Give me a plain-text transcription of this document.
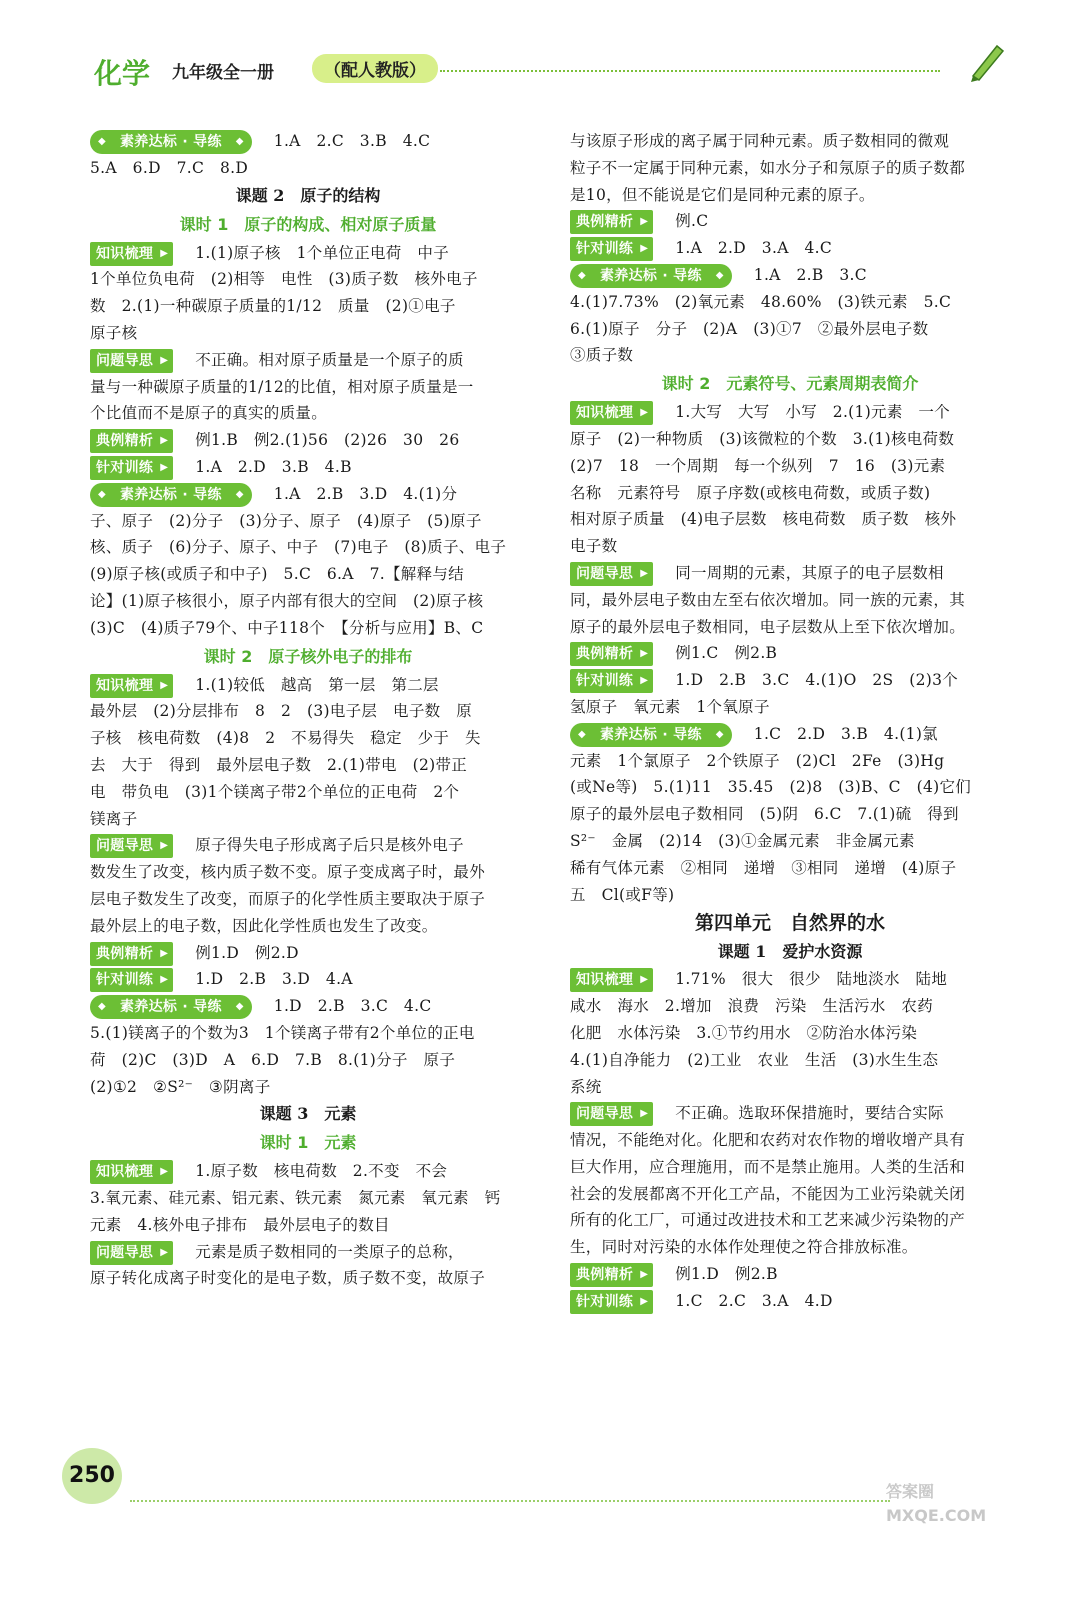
化学 九年级全一册	（配人教版）
◆ 素养达标 · 导练 ◆	1.A　2.C　3.B　4.C
5.A　6.D　7.C　8.D
课题 2　原子的结构
课时 1　原子的构成、相对原子质量
知识梳理 ▶	1.(1)原子核　1个单位正电荷　中子
1个单位负电荷　(2)相等　电性　(3)质子数　核外电子
数　2.(1)一种碳原子质量的1/12　质量　(2)①电子
原子核
问题导思 ▶	不正确。相对原子质量是一个原子的质
量与一种碳原子质量的1/12的比值，相对原子质量是一
个比值而不是原子的真实的质量。
典例精析 ▶	例1.B　例2.(1)56　(2)26　30　26
针对训练 ▶	1.A　2.D　3.B　4.B
◆ 素养达标 · 导练 ◆	1.A　2.B　3.D　4.(1)分
子、原子　(2)分子　(3)分子、原子　(4)原子　(5)原子
核、质子　(6)分子、原子、中子　(7)电子　(8)质子、电子
(9)原子核(或质子和中子)　5.C　6.A　7.【解释与结
论】(1)原子核很小，原子内部有很大的空间　(2)原子核
(3)C　(4)质子79个、中子118个　【分析与应用】B、C
课时 2　原子核外电子的排布
知识梳理 ▶	1.(1)较低　越高　第一层　第二层
最外层　(2)分层排布　8　2　(3)电子层　电子数　原
子核　核电荷数　(4)8　2　不易得失　稳定　少于　失
去　大于　得到　最外层电子数　2.(1)带电　(2)带正
电　带负电　(3)1个镁离子带2个单位的正电荷　2个
镁离子
问题导思 ▶	原子得失电子形成离子后只是核外电子
数发生了改变，核内质子数不变。原子变成离子时，最外
层电子数发生了改变，而原子的化学性质主要取决于原子
最外层上的电子数，因此化学性质也发生了改变。
典例精析 ▶	例1.D　例2.D
针对训练 ▶	1.D　2.B　3.D　4.A
◆ 素养达标 · 导练 ◆	1.D　2.B　3.C　4.C
5.(1)镁离子的个数为3　1个镁离子带有2个单位的正电
荷　(2)C　(3)D　A　6.D　7.B　8.(1)分子　原子
(2)①2　②S²⁻　③阴离子
课题 3　元素
课时 1　元素
知识梳理 ▶	1.原子数　核电荷数　2.不变　不会
3.氧元素、硅元素、铝元素、铁元素　氮元素　氧元素　钙
元素　4.核外电子排布　最外层电子的数目
问题导思 ▶	元素是质子数相同的一类原子的总称，
原子转化成离子时变化的是电子数，质子数不变，故原子
与该原子形成的离子属于同种元素。质子数相同的微观
粒子不一定属于同种元素，如水分子和氖原子的质子数都
是10，但不能说是它们是同种元素的原子。
典例精析 ▶	例.C
针对训练 ▶	1.A　2.D　3.A　4.C
◆ 素养达标 · 导练 ◆	1.A　2.B　3.C
4.(1)7.73%　(2)氧元素　48.60%　(3)铁元素　5.C
6.(1)原子　分子　(2)A　(3)①7　②最外层电子数
③质子数
课时 2　元素符号、元素周期表简介
知识梳理 ▶	1.大写　大写　小写　2.(1)元素　一个
原子　(2)一种物质　(3)该微粒的个数　3.(1)核电荷数
(2)7　18　一个周期　每一个纵列　7　16　(3)元素
名称　元素符号　原子序数(或核电荷数，或质子数)
相对原子质量　(4)电子层数　核电荷数　质子数　核外
电子数
问题导思 ▶	同一周期的元素，其原子的电子层数相
同，最外层电子数由左至右依次增加。同一族的元素，其
原子的最外层电子数相同，电子层数从上至下依次增加。
典例精析 ▶	例1.C　例2.B
针对训练 ▶	1.D　2.B　3.C　4.(1)O　2S　(2)3个
氢原子　氧元素　1个氧原子
◆ 素养达标 · 导练 ◆	1.C　2.D　3.B　4.(1)氯
元素　1个氯原子　2个铁原子　(2)Cl　2Fe　(3)Hg
(或Ne等)　5.(1)11　35.45　(2)8　(3)B、C　(4)它们
原子的最外层电子数相同　(5)阴　6.C　7.(1)硫　得到
S²⁻　金属　(2)14　(3)①金属元素　非金属元素
稀有气体元素　②相同　递增　③相同　递增　(4)原子
五　Cl(或F等)
第四单元　自然界的水
课题 1　爱护水资源
知识梳理 ▶	1.71%　很大　很少　陆地淡水　陆地
咸水　海水　2.增加　浪费　污染　生活污水　农药
化肥　水体污染　3.①节约用水　②防治水体污染
4.(1)自净能力　(2)工业　农业　生活　(3)水生生态
系统
问题导思 ▶	不正确。选取环保措施时，要结合实际
情况，不能绝对化。化肥和农药对农作物的增收增产具有
巨大作用，应合理施用，而不是禁止施用。人类的生活和
社会的发展都离不开化工产品，不能因为工业污染就关闭
所有的化工厂，可通过改进技术和工艺来减少污染物的产
生，同时对污染的水体作处理使之符合排放标准。
典例精析 ▶	例1.D　例2.B
针对训练 ▶	1.C　2.C　3.A　4.D
250
答案圈
MXQE.COM
